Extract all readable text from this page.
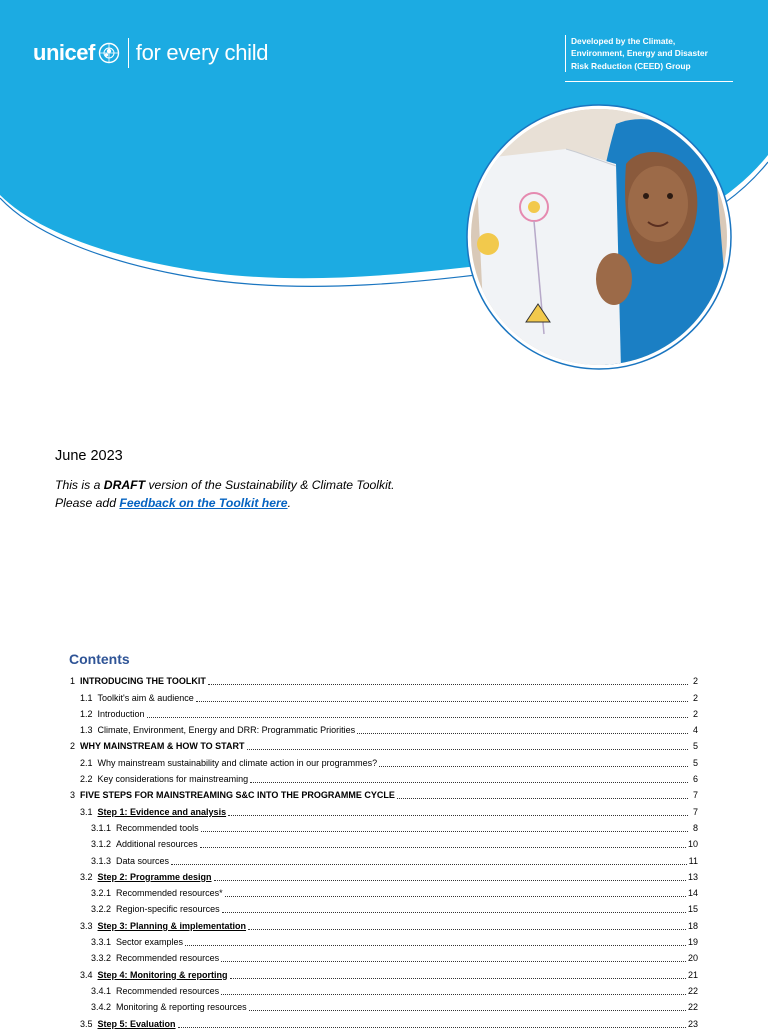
unicef for every child	Developed by the Climate,
Environment, Energy and Disaster
Risk Reduction (CEED) Group
June 2023
This is a DRAFT version of the Sustainability & Climate Toolkit.
Please add Feedback on the Toolkit here.
Contents
1 INTRODUCING THE TOOLKIT	2
1.1 Toolkit's aim & audience	2
1.2 Introduction	2
1.3 Climate, Environment, Energy and DRR: Programmatic Priorities	4
2 WHY MAINSTREAM & HOW TO START	5
2.1 Why mainstream sustainability and climate action in our programmes?	5
2.2 Key considerations for mainstreaming	6
3 FIVE STEPS FOR MAINSTREAMING S&C INTO THE PROGRAMME CYCLE	7
3.1 Step 1: Evidence and analysis	7
3.1.1 Recommended tools	8
3.1.2 Additional resources	10
3.1.3 Data sources	11
3.2 Step 2: Programme design	13
3.2.1 Recommended resources*	14
3.2.2 Region-specific resources	15
3.3 Step 3: Planning & implementation	18
3.3.1 Sector examples	19
3.3.2 Recommended resources	20
3.4 Step 4: Monitoring & reporting	21
3.4.1 Recommended resources	22
3.4.2 Monitoring & reporting resources	22
3.5 Step 5: Evaluation	23
